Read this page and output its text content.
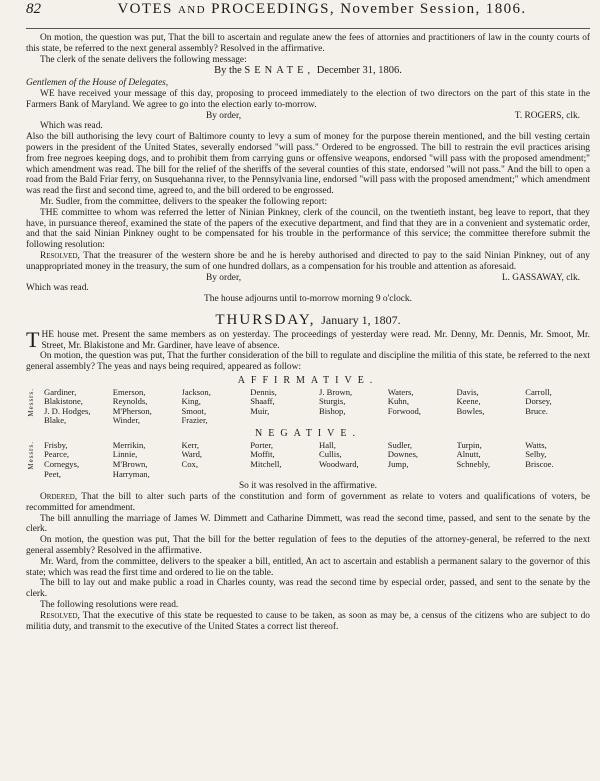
82	VOTES and PROCEEDINGS, November Session, 1806.

On motion, the question was put, That the bill to ascertain and regulate anew the fees of attornies and practitioners of law in the county courts of this state, be referred to the next general assembly? Resolved in the affirmative.

The clerk of the senate delivers the following message:

By the SENATE, December 31, 1806.

Gentlemen of the House of Delegates,

WE have received your message of this day, proposing to proceed immediately to the election of two directors on the part of this state in the Farmers Bank of Maryland. We agree to go into the election early to-morrow.

By order,	T. ROGERS, clk.

Which was read.

Also the bill authorising the levy court of Baltimore county to levy a sum of money for the purpose therein mentioned, and the bill vesting certain powers in the president of the United States, severally endorsed "will pass." Ordered to be engrossed. The bill to restrain the evil practices arising from free negroes keeping dogs, and to prohibit them from carrying guns or offensive weapons, endorsed "will pass with the proposed amendment;" which amendment was read. The bill for the relief of the sheriffs of the several counties of this state, endorsed "will not pass." And the bill to open a road from the Bald Friar ferry, on Susquehanna river, to the Pennsylvania line, endorsed "will pass with the proposed amendment;" which amendment was read the first and second time, agreed to, and the bill ordered to be engrossed.

Mr. Sudler, from the committee, delivers to the speaker the following report:

THE committee to whom was referred the letter of Ninian Pinkney, clerk of the council, on the twentieth instant, beg leave to report, that they have, in pursuance thereof, examined the state of the papers of the executive department, and find that they are in a convenient and systematic order, and that the said Ninian Pinkney ought to be compensated for his trouble in the performance of this service; the committee therefore submit the following resolution:

Resolved, That the treasurer of the western shore be and he is hereby authorised and directed to pay to the said Ninian Pinkney, out of any unappropriated money in the treasury, the sum of one hundred dollars, as a compensation for his trouble and attention as aforesaid.

By order,	L. GASSAWAY, clk.

Which was read.

The house adjourns until to-morrow morning 9 o'clock.

THURSDAY, January 1, 1807.

THE house met. Present the same members as on yesterday. The proceedings of yesterday were read. Mr. Denny, Mr. Dennis, Mr. Smoot, Mr. Street, Mr. Blakistone and Mr. Gardiner, have leave of absence.

On motion, the question was put, That the further consideration of the bill to regulate and discipline the militia of this state, be referred to the next general assembly? The yeas and nays being required, appeared as follow:

AFFIRMATIVE.
Messrs. Gardiner,	Emerson,	Jackson,	Dennis,	J. Brown,	Waters,	Davis,	Carroll,
Blakistone,	Reynolds,	King,	Shaaff,	Sturgis,	Kuhn,	Keene,	Dorsey,
J. D. Hodges,	M'Pherson,	Smoot,	Muir,	Bishop,	Forwood,	Bowles,	Bruce.
Blake,	Winder,	Frazier,
NEGATIVE.
Messrs. Frisby,	Merrikin,	Kerr,	Porter,	Hall,	Sudler,	Turpin,	Watts,
Pearce,	Linnie,	Ward,	Moffit,	Cullis,	Downes,	Alnutt,	Selby,
Cornegys,	M'Brown,	Cox,	Mitchell,	Woodward,	Jump,	Schnebly,	Briscoe.
Peet,	Harryman,

So it was resolved in the affirmative.

Ordered, That the bill to alter such parts of the constitution and form of government as relate to voters and qualifications of voters, be recommitted for amendment.

The bill annulling the marriage of James W. Dimmett and Catharine Dimmett, was read the second time, passed, and sent to the senate by the clerk.

On motion, the question was put, That the bill for the better regulation of fees to the deputies of the attorney-general, be referred to the next general assembly? Resolved in the affirmative.

Mr. Ward, from the committee, delivers to the speaker a bill, entitled, An act to ascertain and establish a permanent salary to the governor of this state; which was read the first time and ordered to lie on the table.

The bill to lay out and make public a road in Charles county, was read the second time by especial order, passed, and sent to the senate by the clerk.

The following resolutions were read.

Resolved, That the executive of this state be requested to cause to be taken, as soon as may be, a census of the citizens who are subject to do militia duty, and transmit to the executive of the United States a correct list thereof.
